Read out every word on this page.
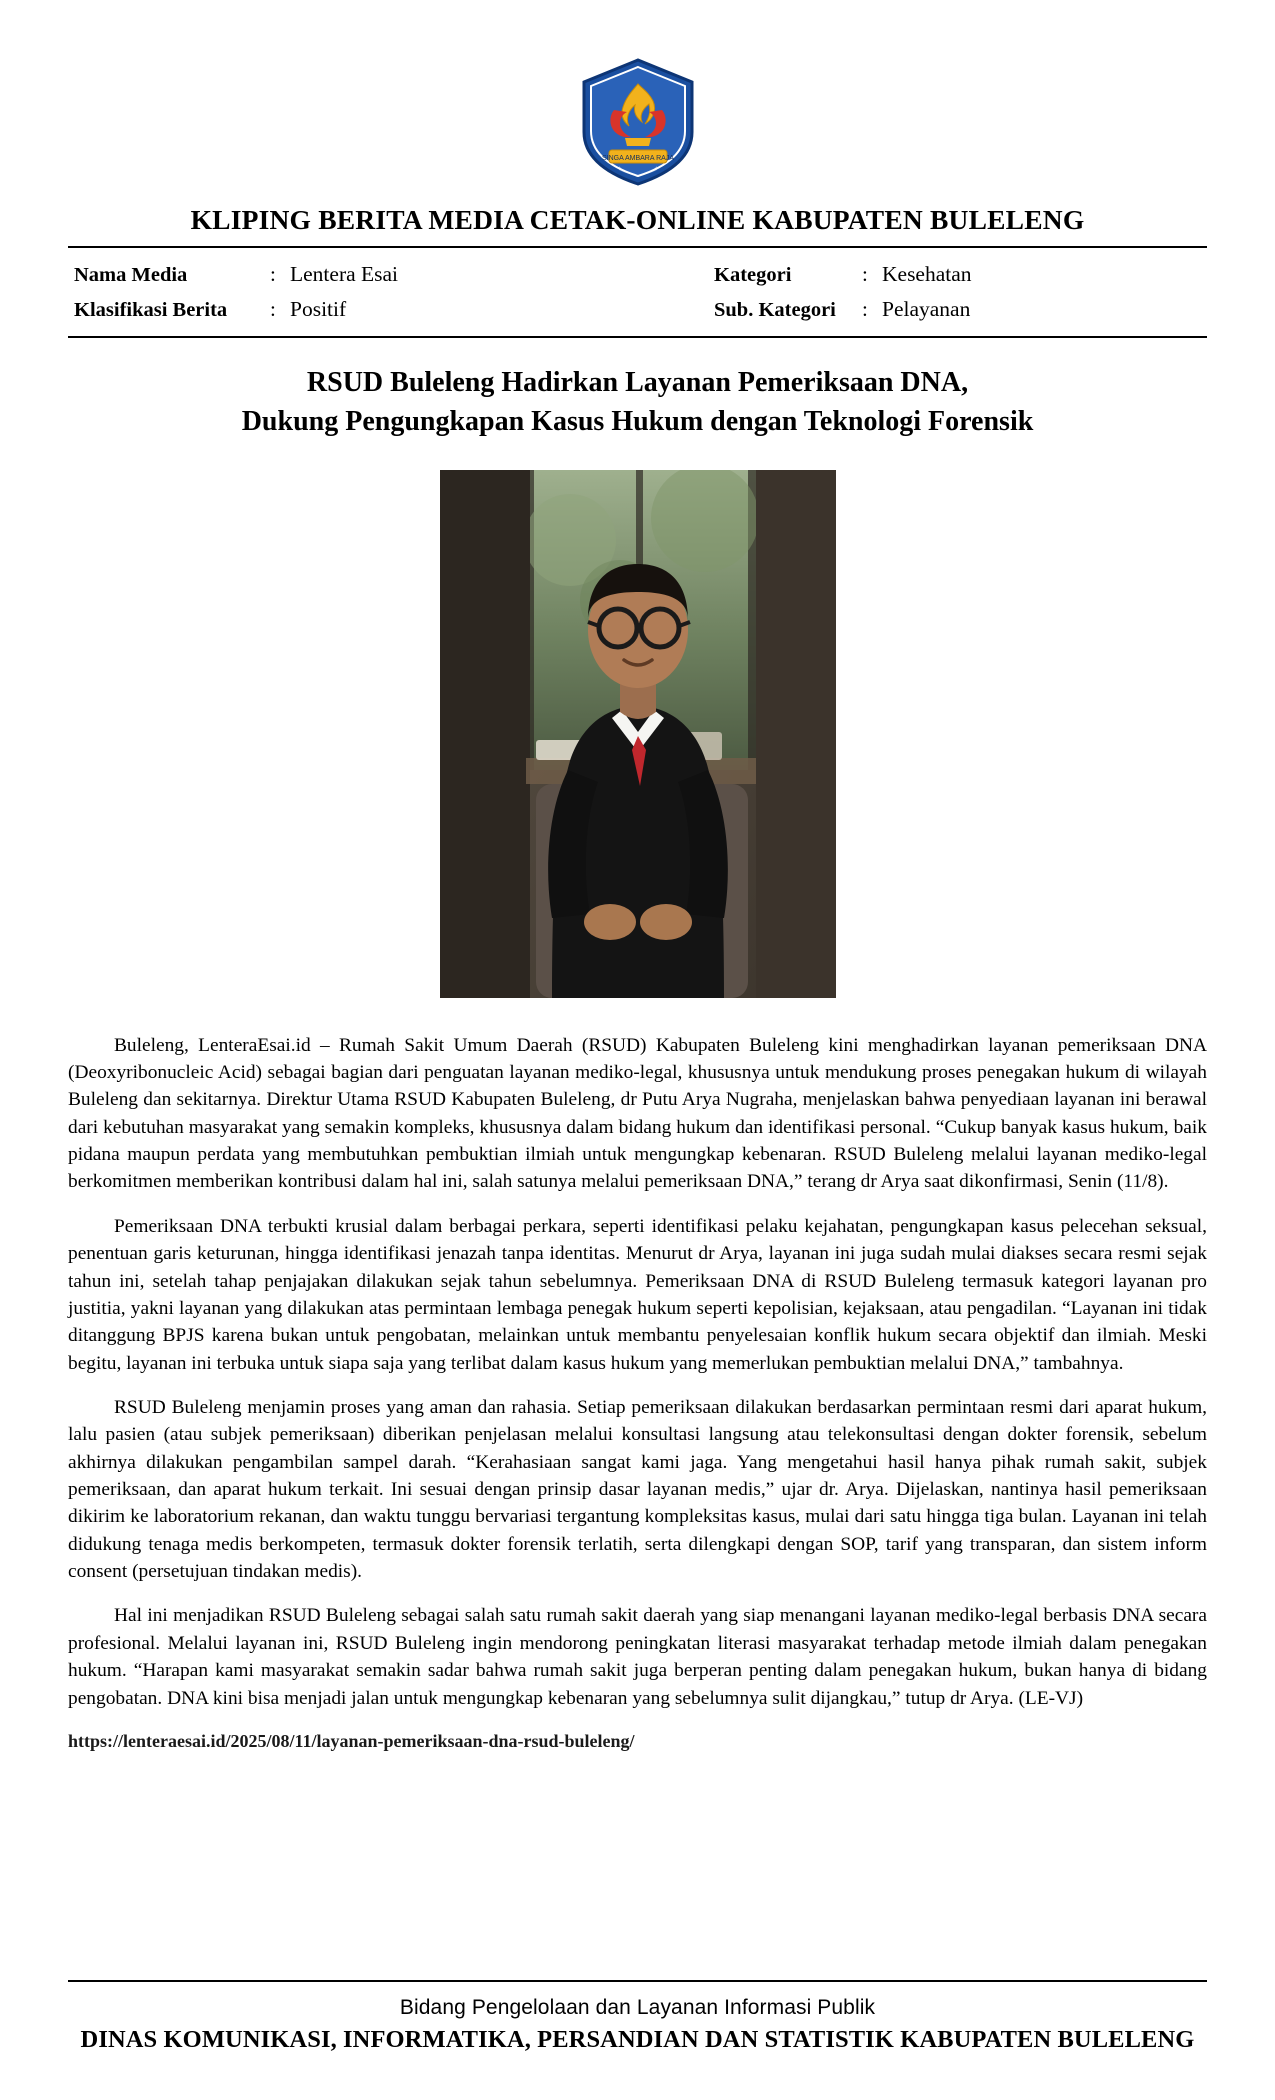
SINGA AMBARA RAJA
KLIPING BERITA MEDIA CETAK-ONLINE KABUPATEN BULELENG
Nama Media	: Lentera Esai	Kategori	: Kesehatan
Klasifikasi Berita	: Positif	Sub. Kategori	: Pelayanan
RSUD Buleleng Hadirkan Layanan Pemeriksaan DNA,
Dukung Pengungkapan Kasus Hukum dengan Teknologi Forensik

Buleleng, LenteraEsai.id – Rumah Sakit Umum Daerah (RSUD) Kabupaten Buleleng kini menghadirkan layanan pemeriksaan DNA (Deoxyribonucleic Acid) sebagai bagian dari penguatan layanan mediko-legal, khususnya untuk mendukung proses penegakan hukum di wilayah Buleleng dan sekitarnya. Direktur Utama RSUD Kabupaten Buleleng, dr Putu Arya Nugraha, menjelaskan bahwa penyediaan layanan ini berawal dari kebutuhan masyarakat yang semakin kompleks, khususnya dalam bidang hukum dan identifikasi personal. “Cukup banyak kasus hukum, baik pidana maupun perdata yang membutuhkan pembuktian ilmiah untuk mengungkap kebenaran. RSUD Buleleng melalui layanan mediko-legal berkomitmen memberikan kontribusi dalam hal ini, salah satunya melalui pemeriksaan DNA,” terang dr Arya saat dikonfirmasi, Senin (11/8).

Pemeriksaan DNA terbukti krusial dalam berbagai perkara, seperti identifikasi pelaku kejahatan, pengungkapan kasus pelecehan seksual, penentuan garis keturunan, hingga identifikasi jenazah tanpa identitas. Menurut dr Arya, layanan ini juga sudah mulai diakses secara resmi sejak tahun ini, setelah tahap penjajakan dilakukan sejak tahun sebelumnya. Pemeriksaan DNA di RSUD Buleleng termasuk kategori layanan pro justitia, yakni layanan yang dilakukan atas permintaan lembaga penegak hukum seperti kepolisian, kejaksaan, atau pengadilan. “Layanan ini tidak ditanggung BPJS karena bukan untuk pengobatan, melainkan untuk membantu penyelesaian konflik hukum secara objektif dan ilmiah. Meski begitu, layanan ini terbuka untuk siapa saja yang terlibat dalam kasus hukum yang memerlukan pembuktian melalui DNA,” tambahnya.

RSUD Buleleng menjamin proses yang aman dan rahasia. Setiap pemeriksaan dilakukan berdasarkan permintaan resmi dari aparat hukum, lalu pasien (atau subjek pemeriksaan) diberikan penjelasan melalui konsultasi langsung atau telekonsultasi dengan dokter forensik, sebelum akhirnya dilakukan pengambilan sampel darah. “Kerahasiaan sangat kami jaga. Yang mengetahui hasil hanya pihak rumah sakit, subjek pemeriksaan, dan aparat hukum terkait. Ini sesuai dengan prinsip dasar layanan medis,” ujar dr. Arya. Dijelaskan, nantinya hasil pemeriksaan dikirim ke laboratorium rekanan, dan waktu tunggu bervariasi tergantung kompleksitas kasus, mulai dari satu hingga tiga bulan. Layanan ini telah didukung tenaga medis berkompeten, termasuk dokter forensik terlatih, serta dilengkapi dengan SOP, tarif yang transparan, dan sistem inform consent (persetujuan tindakan medis).

Hal ini menjadikan RSUD Buleleng sebagai salah satu rumah sakit daerah yang siap menangani layanan mediko-legal berbasis DNA secara profesional. Melalui layanan ini, RSUD Buleleng ingin mendorong peningkatan literasi masyarakat terhadap metode ilmiah dalam penegakan hukum. “Harapan kami masyarakat semakin sadar bahwa rumah sakit juga berperan penting dalam penegakan hukum, bukan hanya di bidang pengobatan. DNA kini bisa menjadi jalan untuk mengungkap kebenaran yang sebelumnya sulit dijangkau,” tutup dr Arya. (LE-VJ)

https://lenteraesai.id/2025/08/11/layanan-pemeriksaan-dna-rsud-buleleng/
Bidang Pengelolaan dan Layanan Informasi Publik
DINAS KOMUNIKASI, INFORMATIKA, PERSANDIAN DAN STATISTIK KABUPATEN BULELENG
